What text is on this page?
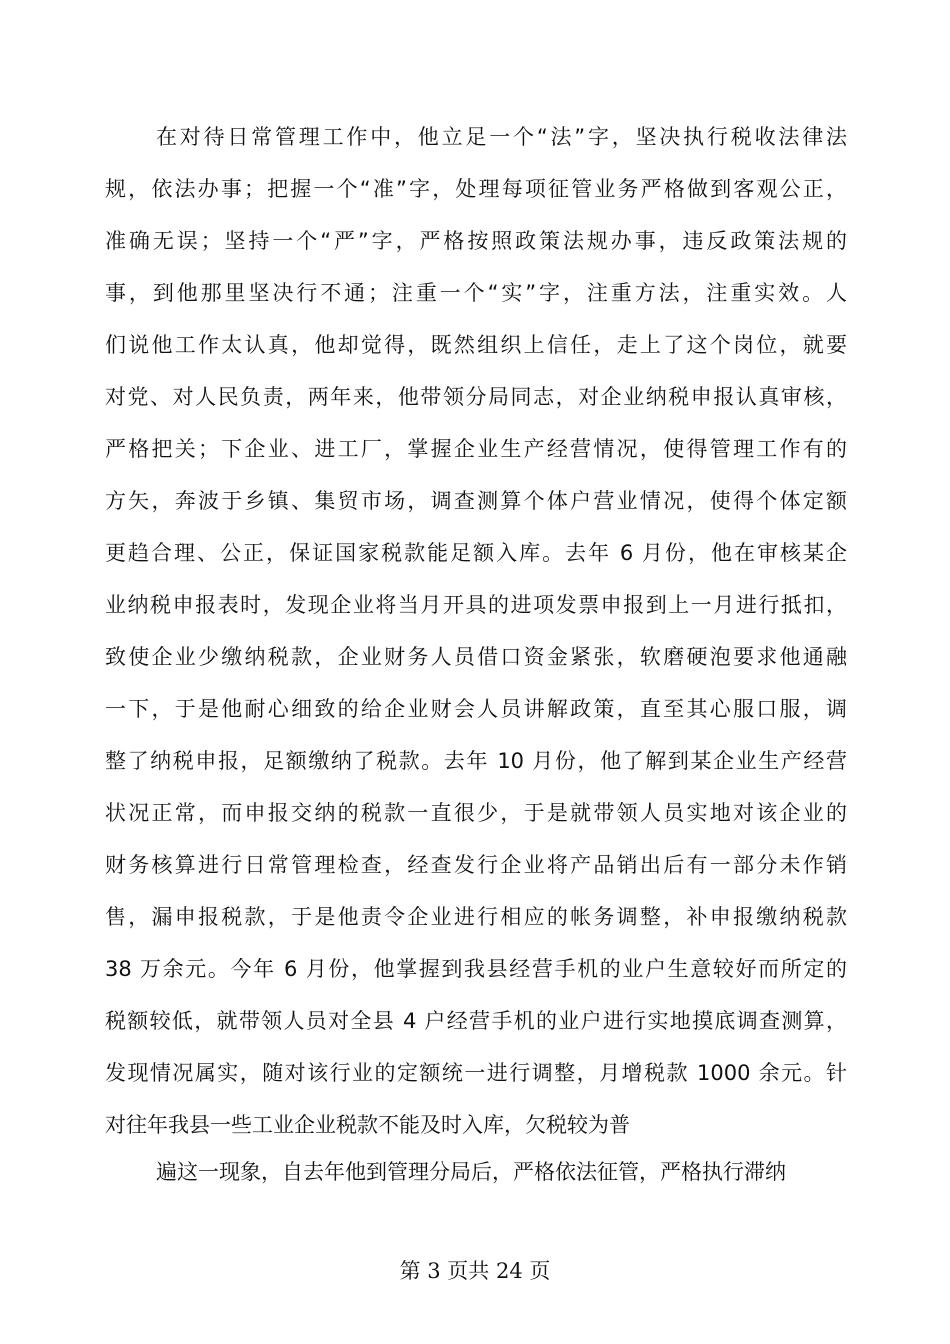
在对待日常管理工作中，他立足一个“法”字，坚决执行税收法律法
规，依法办事；把握一个“准”字，处理每项征管业务严格做到客观公正，
准确无误；坚持一个“严”字，严格按照政策法规办事，违反政策法规的
事，到他那里坚决行不通；注重一个“实”字，注重方法，注重实效。人
们说他工作太认真，他却觉得，既然组织上信任，走上了这个岗位，就要
对党、对人民负责，两年来，他带领分局同志，对企业纳税申报认真审核，
严格把关；下企业、进工厂，掌握企业生产经营情况，使得管理工作有的
方矢，奔波于乡镇、集贸市场，调查测算个体户营业情况，使得个体定额
更趋合理、公正，保证国家税款能足额入库。去年 6 月份，他在审核某企
业纳税申报表时，发现企业将当月开具的进项发票申报到上一月进行抵扣，
致使企业少缴纳税款，企业财务人员借口资金紧张，软磨硬泡要求他通融
一下，于是他耐心细致的给企业财会人员讲解政策，直至其心服口服，调
整了纳税申报，足额缴纳了税款。去年 10 月份，他了解到某企业生产经营
状况正常，而申报交纳的税款一直很少，于是就带领人员实地对该企业的
财务核算进行日常管理检查，经查发行企业将产品销出后有一部分未作销
售，漏申报税款，于是他责令企业进行相应的帐务调整，补申报缴纳税款
38 万余元。今年 6 月份，他掌握到我县经营手机的业户生意较好而所定的
税额较低，就带领人员对全县 4 户经营手机的业户进行实地摸底调查测算，
发现情况属实，随对该行业的定额统一进行调整，月增税款 1000 余元。针
对往年我县一些工业企业税款不能及时入库，欠税较为普
遍这一现象，自去年他到管理分局后，严格依法征管，严格执行滞纳
第 3 页共 24 页
